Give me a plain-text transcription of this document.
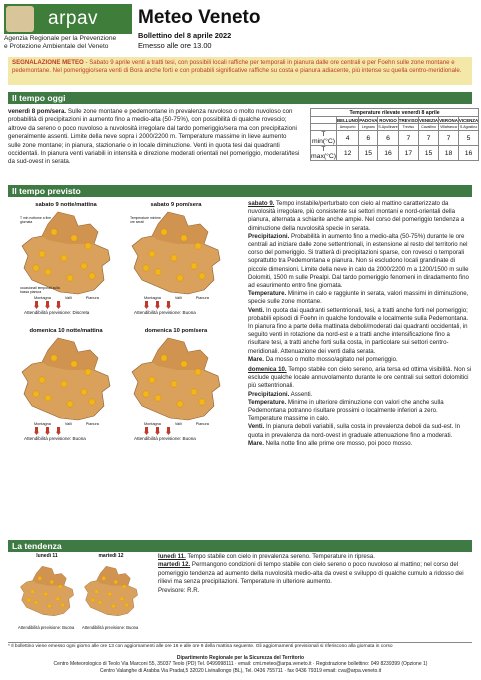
arpav
Agenzia Regionale per la Prevenzione
e Protezione Ambientale del Veneto
Meteo Veneto
Bollettino del 8 aprile 2022
Emesso alle ore 13.00
SEGNALAZIONE METEO - Sabato 9 aprile venti a tratti tesi, con possibili locali raffiche per temporali in pianura dalle ore centrali e per Foehn sulle zone montane e pedemontane. Nel pomeriggio/sera venti di Bora anche forti e con probabili significative raffiche su costa e pianura adiacente, più intense su quella centro-meridionale.
Il tempo oggi
venerdì 8 pom/sera. Sulle zone montane e pedemontane in prevalenza nuvoloso o molto nuvoloso con probabilità di precipitazioni in aumento fino a medio-alta (50-75%), con possibilità di qualche rovescio; altrove da sereno o poco nuvoloso a nuvolosità irregolare dal tardo pomeriggio/sera ma con precipitazioni generalmente assenti. Limite della neve sopra i 2000/2200 m. Temperature massime in lieve aumento sulle zone montane; in pianura, stazionarie o in locale diminuzione. Venti in quota tesi dai quadranti occidentali. In pianura venti variabili in intensità e direzione moderati orientali nel pomeriggio, moderati/tesi da sud-ovest in serata.
Temperature rilevate venerdì 8 aprile							
	BELLUNO	PADOVA	ROVIGO	TREVISO	VENEZIA	VERONA	VICENZA
	Aeroporto	Legnaro	S.Apollinare	Treviso	Cavallino	Villafranca	S.Agostino
T min(°C)	4	6	6	7	7	7	5
T max(°C)	12	15	16	17	15	18	16
Il tempo previsto
sabato 9 notte/mattina
T min notturne a fine giornata
occasionali temporali sulla bassa pianura
Montagna	Valli	Pianura
Attendibilità previsione: Discreta
sabato 9 pom/sera
Temperature minime ore serali
Montagna	Valli	Pianura
Attendibilità previsione: Buona
domenica 10 notte/mattina
Montagna	Valli	Pianura
Attendibilità previsione: Buona
domenica 10 pom/sera
Montagna	Valli	Pianura
Attendibilità previsione: Buona

sabato 9. Tempo instabile/perturbato con cielo al mattino caratterizzato da nuvolosità irregolare, più consistente sui settori montani e nord-orientali della pianura, alternata a schiarite anche ampie. Nel corso del pomeriggio tendenza a diminuzione della nuvolosità specie in serata.

Precipitazioni. Probabilità in aumento fino a medio-alta (50-75%) durante le ore centrali ad iniziare dalle zone settentrionali, in estensione al resto del territorio nel corso del pomeriggio. Si tratterà di precipitazioni sparse, con rovesci o temporali soprattutto tra Pedemontana e pianura. Non si escludono locali grandinate di piccole dimensioni. Limite della neve in calo da 2000/2200 m a 1200/1500 m sulle Dolomiti, 1500 m sulle Prealpi. Dal tardo pomeriggio fenomeni in diradamento fino ad esaurimento entro fine giornata.

Temperature. Minime in calo e raggiunte in serata, valori massimi in diminuzione, specie sulle zone montane.

Venti. In quota dai quadranti settentrionali, tesi, a tratti anche forti nel pomeriggio; probabili episodi di Foehn in qualche fondovalle e localmente sulla Pedemontana. In pianura fino a parte della mattinata deboli/moderati dai quadranti occidentali, in seguito venti in rotazione da nord-est e a tratti anche intensificazione fino a risultare tesi, a tratti anche forti sulla costa, in particolare sui settori centro-meridionali. Attenuazione dei venti dalla serata.

Mare. Da mosso o molto mosso/agitato nel pomeriggio.

domenica 10. Tempo stabile con cielo sereno, aria tersa ed ottima visibilità. Non si esclude qualche locale annuvolamento durante le ore centrali sui settori dolomitici più settentrionali.

Precipitazioni. Assenti.

Temperature. Minime in ulteriore diminuzione con valori che anche sulla Pedemontana potranno risultare prossimi o localmente inferiori a zero. Temperature massime in calo.

Venti. In pianura deboli variabili, sulla costa in prevalenza deboli da sud-est. In quota in prevalenza da nord-ovest in graduale attenuazione fino a moderati.

Mare. Nella notte fino alle prime ore mosso, poi poco mosso.

La tendenza
lunedì 11
Attendibilità previsione: Buona
martedì 12
Attendibilità previsione: Buona
lunedì 11. Tempo stabile con cielo in prevalenza sereno. Temperature in ripresa.
martedì 12. Permangono condizioni di tempo stabile con cielo sereno o poco nuvoloso al mattino; nel corso del pomeriggio tendenza ad aumento della nuvolosità medio-alta da ovest e sviluppo di qualche cumulo a ridosso dei rilievi ma senza precipitazioni. Temperature in ulteriore aumento.
Previsore: R.R.
* Il bollettino viene emesso ogni giorno alle ore 13 con aggiornamenti alle ore 16 e alle ore 9 della mattina seguente. Gli aggiornamenti previsionali si riferiscono alla giornata in corso
Dipartimento Regionale per la Sicurezza del Territorio
Centro Meteorologico di Teolo Via Marconi 55, 35037 Teolo (PD) Tel. 0499998111 · email: cmt.meteo@arpa.veneto.it · Registrazione bollettino: 049 8239399 (Opzione 1)
Centro Valanghe di Arabba Via Pradat,5 32020 Livinallongo (BL), Tel. 0436 755711 · fax 0436 79319 email: cva@arpa.veneto.it
